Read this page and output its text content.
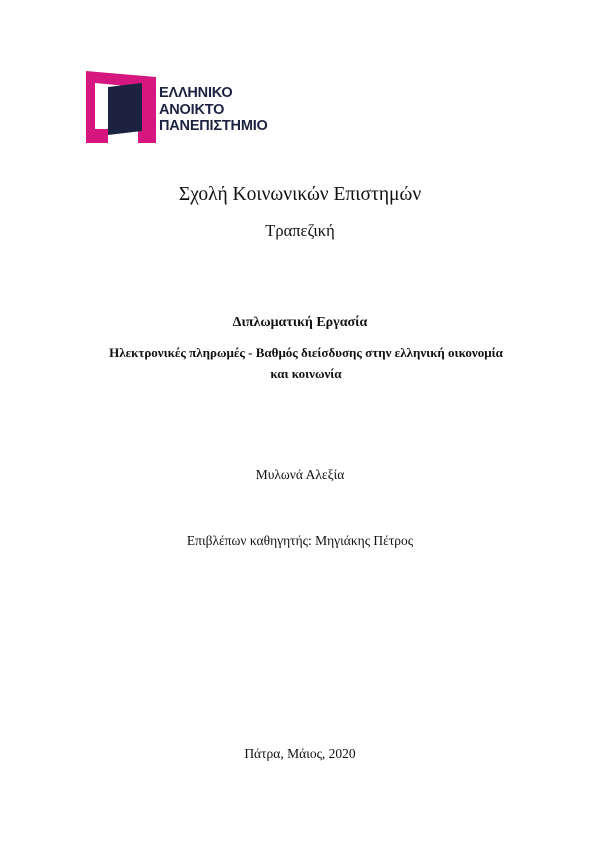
ΕΛΛΗΝΙΚΟ
ΑΝΟΙΚΤΟ
ΠΑΝΕΠΙΣΤΗΜΙΟ
Σχολή Κοινωνικών Επιστημών
Τραπεζική
Διπλωματική Εργασία
Ηλεκτρονικές πληρωμές - Βαθμός διείσδυσης στην ελληνική οικονομία
και κοινωνία
Μυλωνά Αλεξία
Επιβλέπων καθηγητής: Μηγιάκης Πέτρος
Πάτρα, Μάιος, 2020
